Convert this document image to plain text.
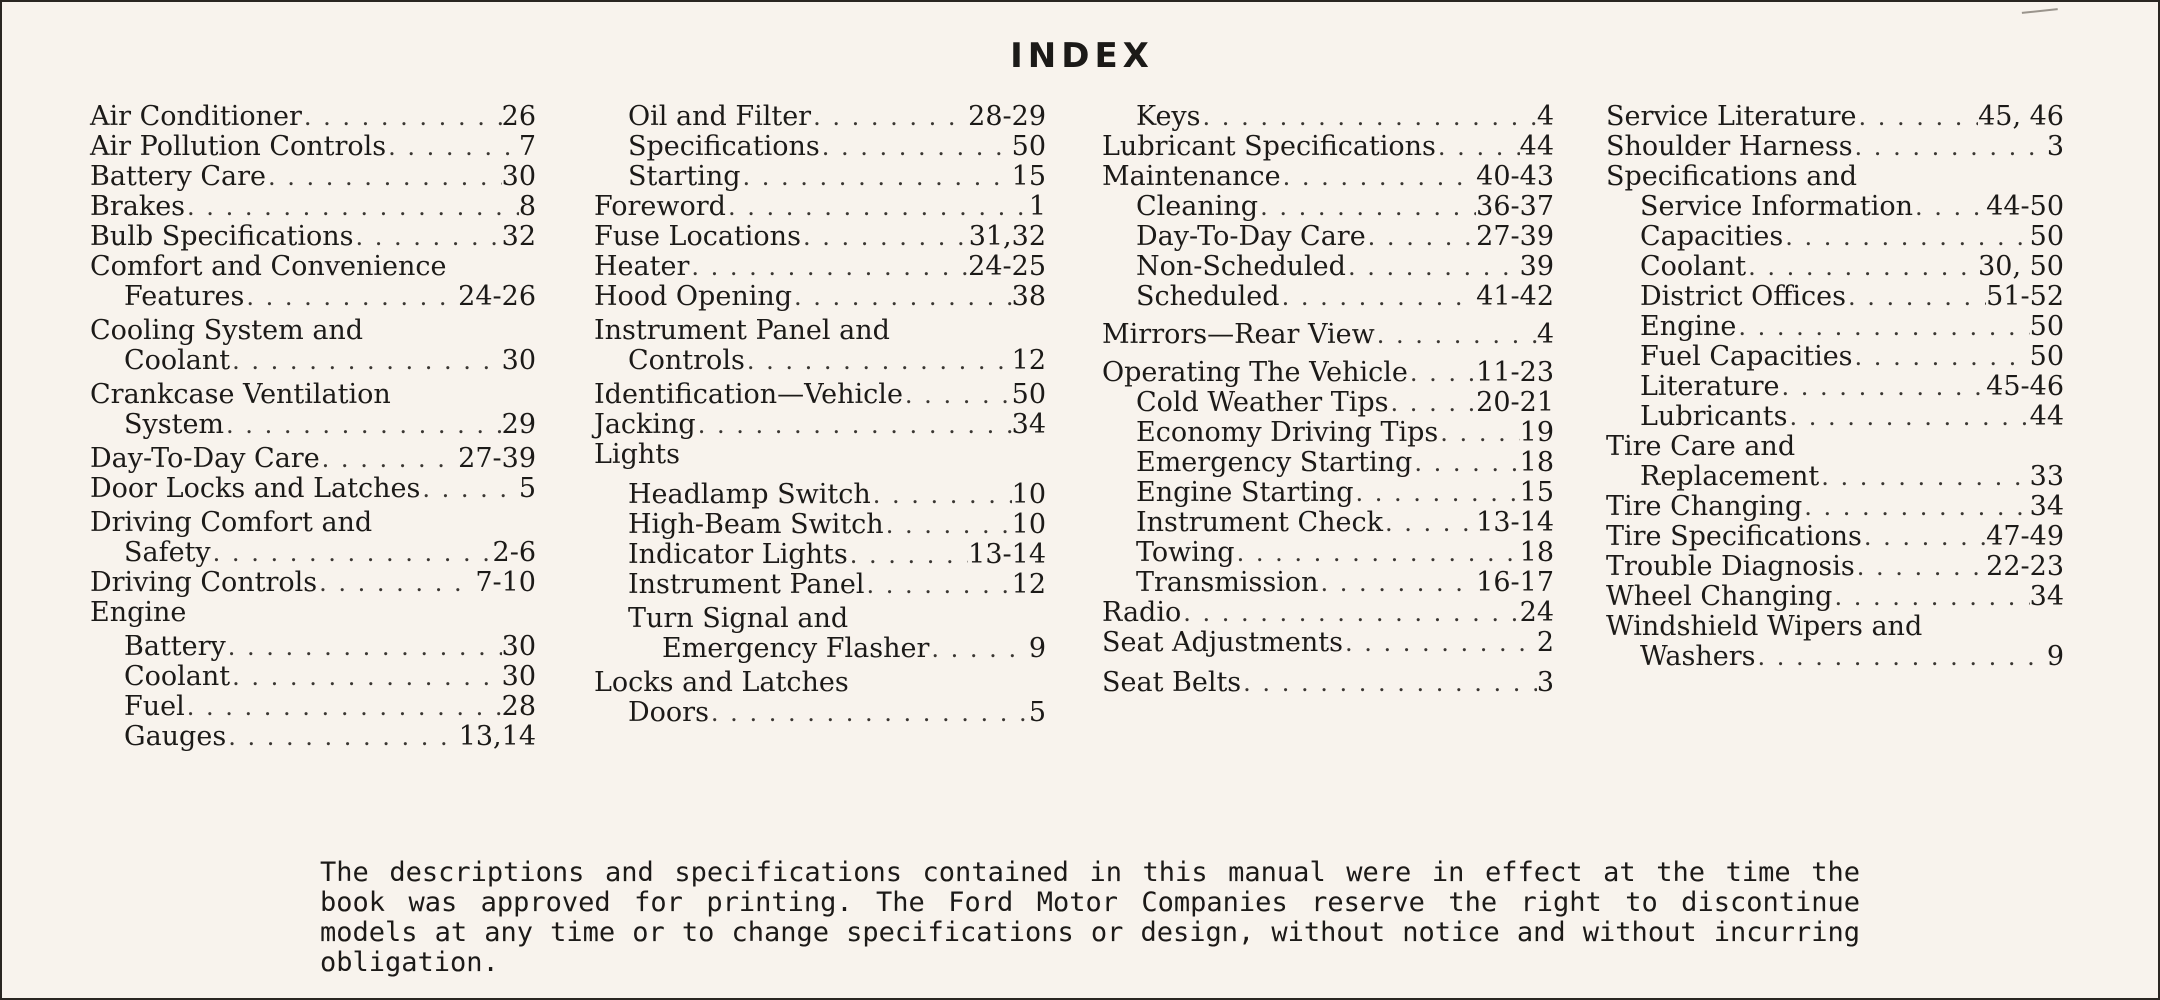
INDEX
Air Conditioner . . .	26
Air Pollution Controls . . .	7
Battery Care . . .	30
Brakes . . .	8
Bulb Specifications . . .	32
Comfort and Convenience
Features . . .	24-26
Cooling System and
Coolant . . .	30
Crankcase Ventilation
System . . .	29
Day-To-Day Care . . .	27-39
Door Locks and Latches . . .	5
Driving Comfort and
Safety . . .	2-6
Driving Controls . . .	7-10
Engine
Battery . . .	30
Coolant . . .	30
Fuel . . .	28
Gauges . . .	13,14
Oil and Filter . . .	28-29
Specifications . . .	50
Starting . . .	15
Foreword . . .	1
Fuse Locations . . .	31,32
Heater . . .	24-25
Hood Opening . . .	38
Instrument Panel and
Controls . . .	12
Identification—Vehicle . . .	50
Jacking . . .	34
Lights
Headlamp Switch . . .	10
High-Beam Switch . . .	10
Indicator Lights . . .	13-14
Instrument Panel . . .	12
Turn Signal and
Emergency Flasher . . .	9
Locks and Latches
Doors . . .	5
Keys . . .	4
Lubricant Specifications . . .	44
Maintenance . . .	40-43
Cleaning . . .	36-37
Day-To-Day Care . . .	27-39
Non-Scheduled . . .	39
Scheduled . . .	41-42
Mirrors—Rear View . . .	4
Operating The Vehicle . . .	11-23
Cold Weather Tips . . .	20-21
Economy Driving Tips . . .	19
Emergency Starting . . .	18
Engine Starting . . .	15
Instrument Check . . .	13-14
Towing . . .	18
Transmission . . .	16-17
Radio . . .	24
Seat Adjustments . . .	2
Seat Belts . . .	3
Service Literature . . .	45, 46
Shoulder Harness . . .	3
Specifications and
Service Information . . .	44-50
Capacities . . .	50
Coolant . . .	30, 50
District Offices . . .	51-52
Engine . . .	50
Fuel Capacities . . .	50
Literature . . .	45-46
Lubricants . . .	44
Tire Care and
Replacement . . .	33
Tire Changing . . .	34
Tire Specifications . . .	47-49
Trouble Diagnosis . . .	22-23
Wheel Changing . . .	34
Windshield Wipers and
Washers . . .	9
The descriptions and specifications contained in this manual were in effect at the time the book was approved for printing. The Ford Motor Companies reserve the right to discontinue models at any time or to change specifications or design, without notice and without incurring obligation.
